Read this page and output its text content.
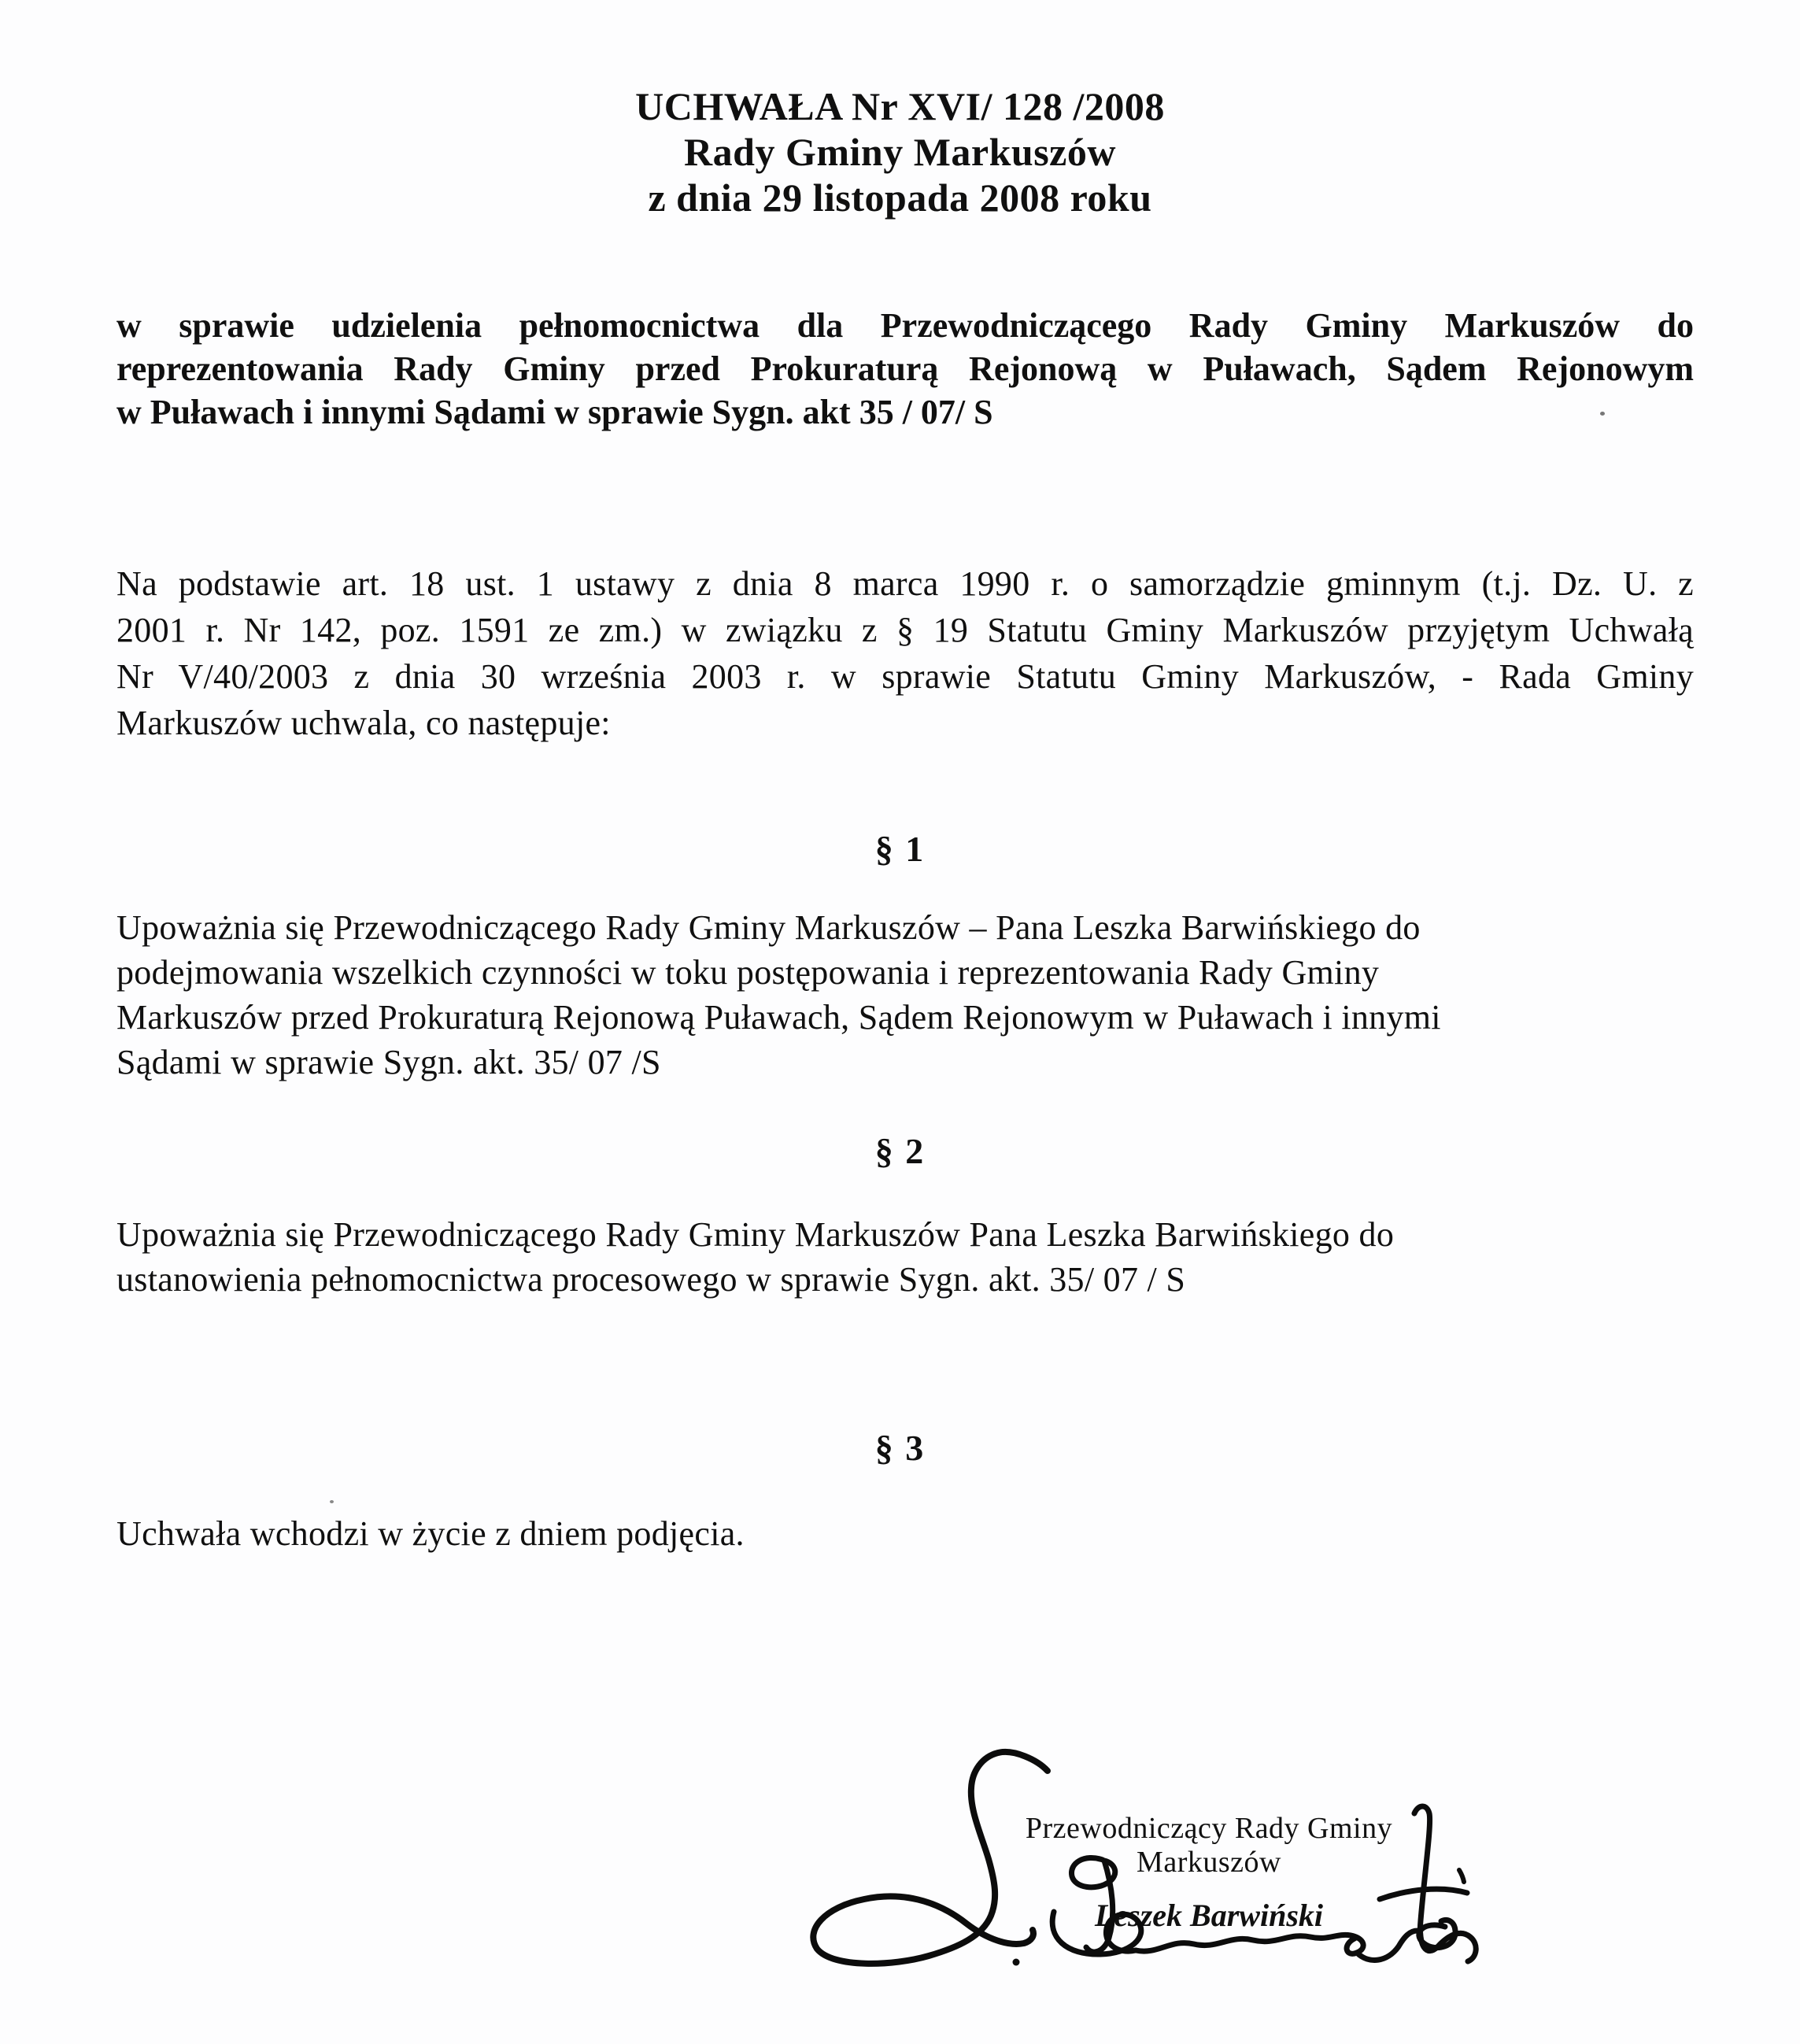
UCHWAŁA Nr XVI/ 128 /2008
Rady Gminy Markuszów
z dnia 29 listopada 2008 roku
w sprawie udzielenia pełnomocnictwa dla Przewodniczącego Rady Gminy Markuszów do
reprezentowania Rady Gminy przed Prokuraturą Rejonową w Puławach, Sądem Rejonowym
w Puławach i innymi Sądami w sprawie Sygn. akt 35 / 07/ S
Na podstawie art. 18 ust. 1 ustawy z dnia 8 marca 1990 r. o samorządzie gminnym (t.j. Dz. U. z
2001 r. Nr 142, poz. 1591 ze zm.) w związku z § 19 Statutu Gminy Markuszów przyjętym Uchwałą
Nr V/40/2003 z dnia 30 września 2003 r. w sprawie Statutu Gminy Markuszów, - Rada Gminy
Markuszów uchwala, co następuje:
§ 1
Upoważnia się Przewodniczącego Rady Gminy Markuszów – Pana Leszka Barwińskiego do
podejmowania wszelkich czynności w toku postępowania i reprezentowania Rady Gminy
Markuszów przed Prokuraturą Rejonową Puławach, Sądem Rejonowym w Puławach i innymi
Sądami w sprawie Sygn. akt. 35/ 07 /S
§ 2
Upoważnia się Przewodniczącego Rady Gminy Markuszów Pana Leszka Barwińskiego do
ustanowienia pełnomocnictwa procesowego w sprawie Sygn. akt. 35/ 07 / S
§ 3
Uchwała wchodzi w życie z dniem podjęcia.
Przewodniczący Rady Gminy
Markuszów
Leszek Barwiński
